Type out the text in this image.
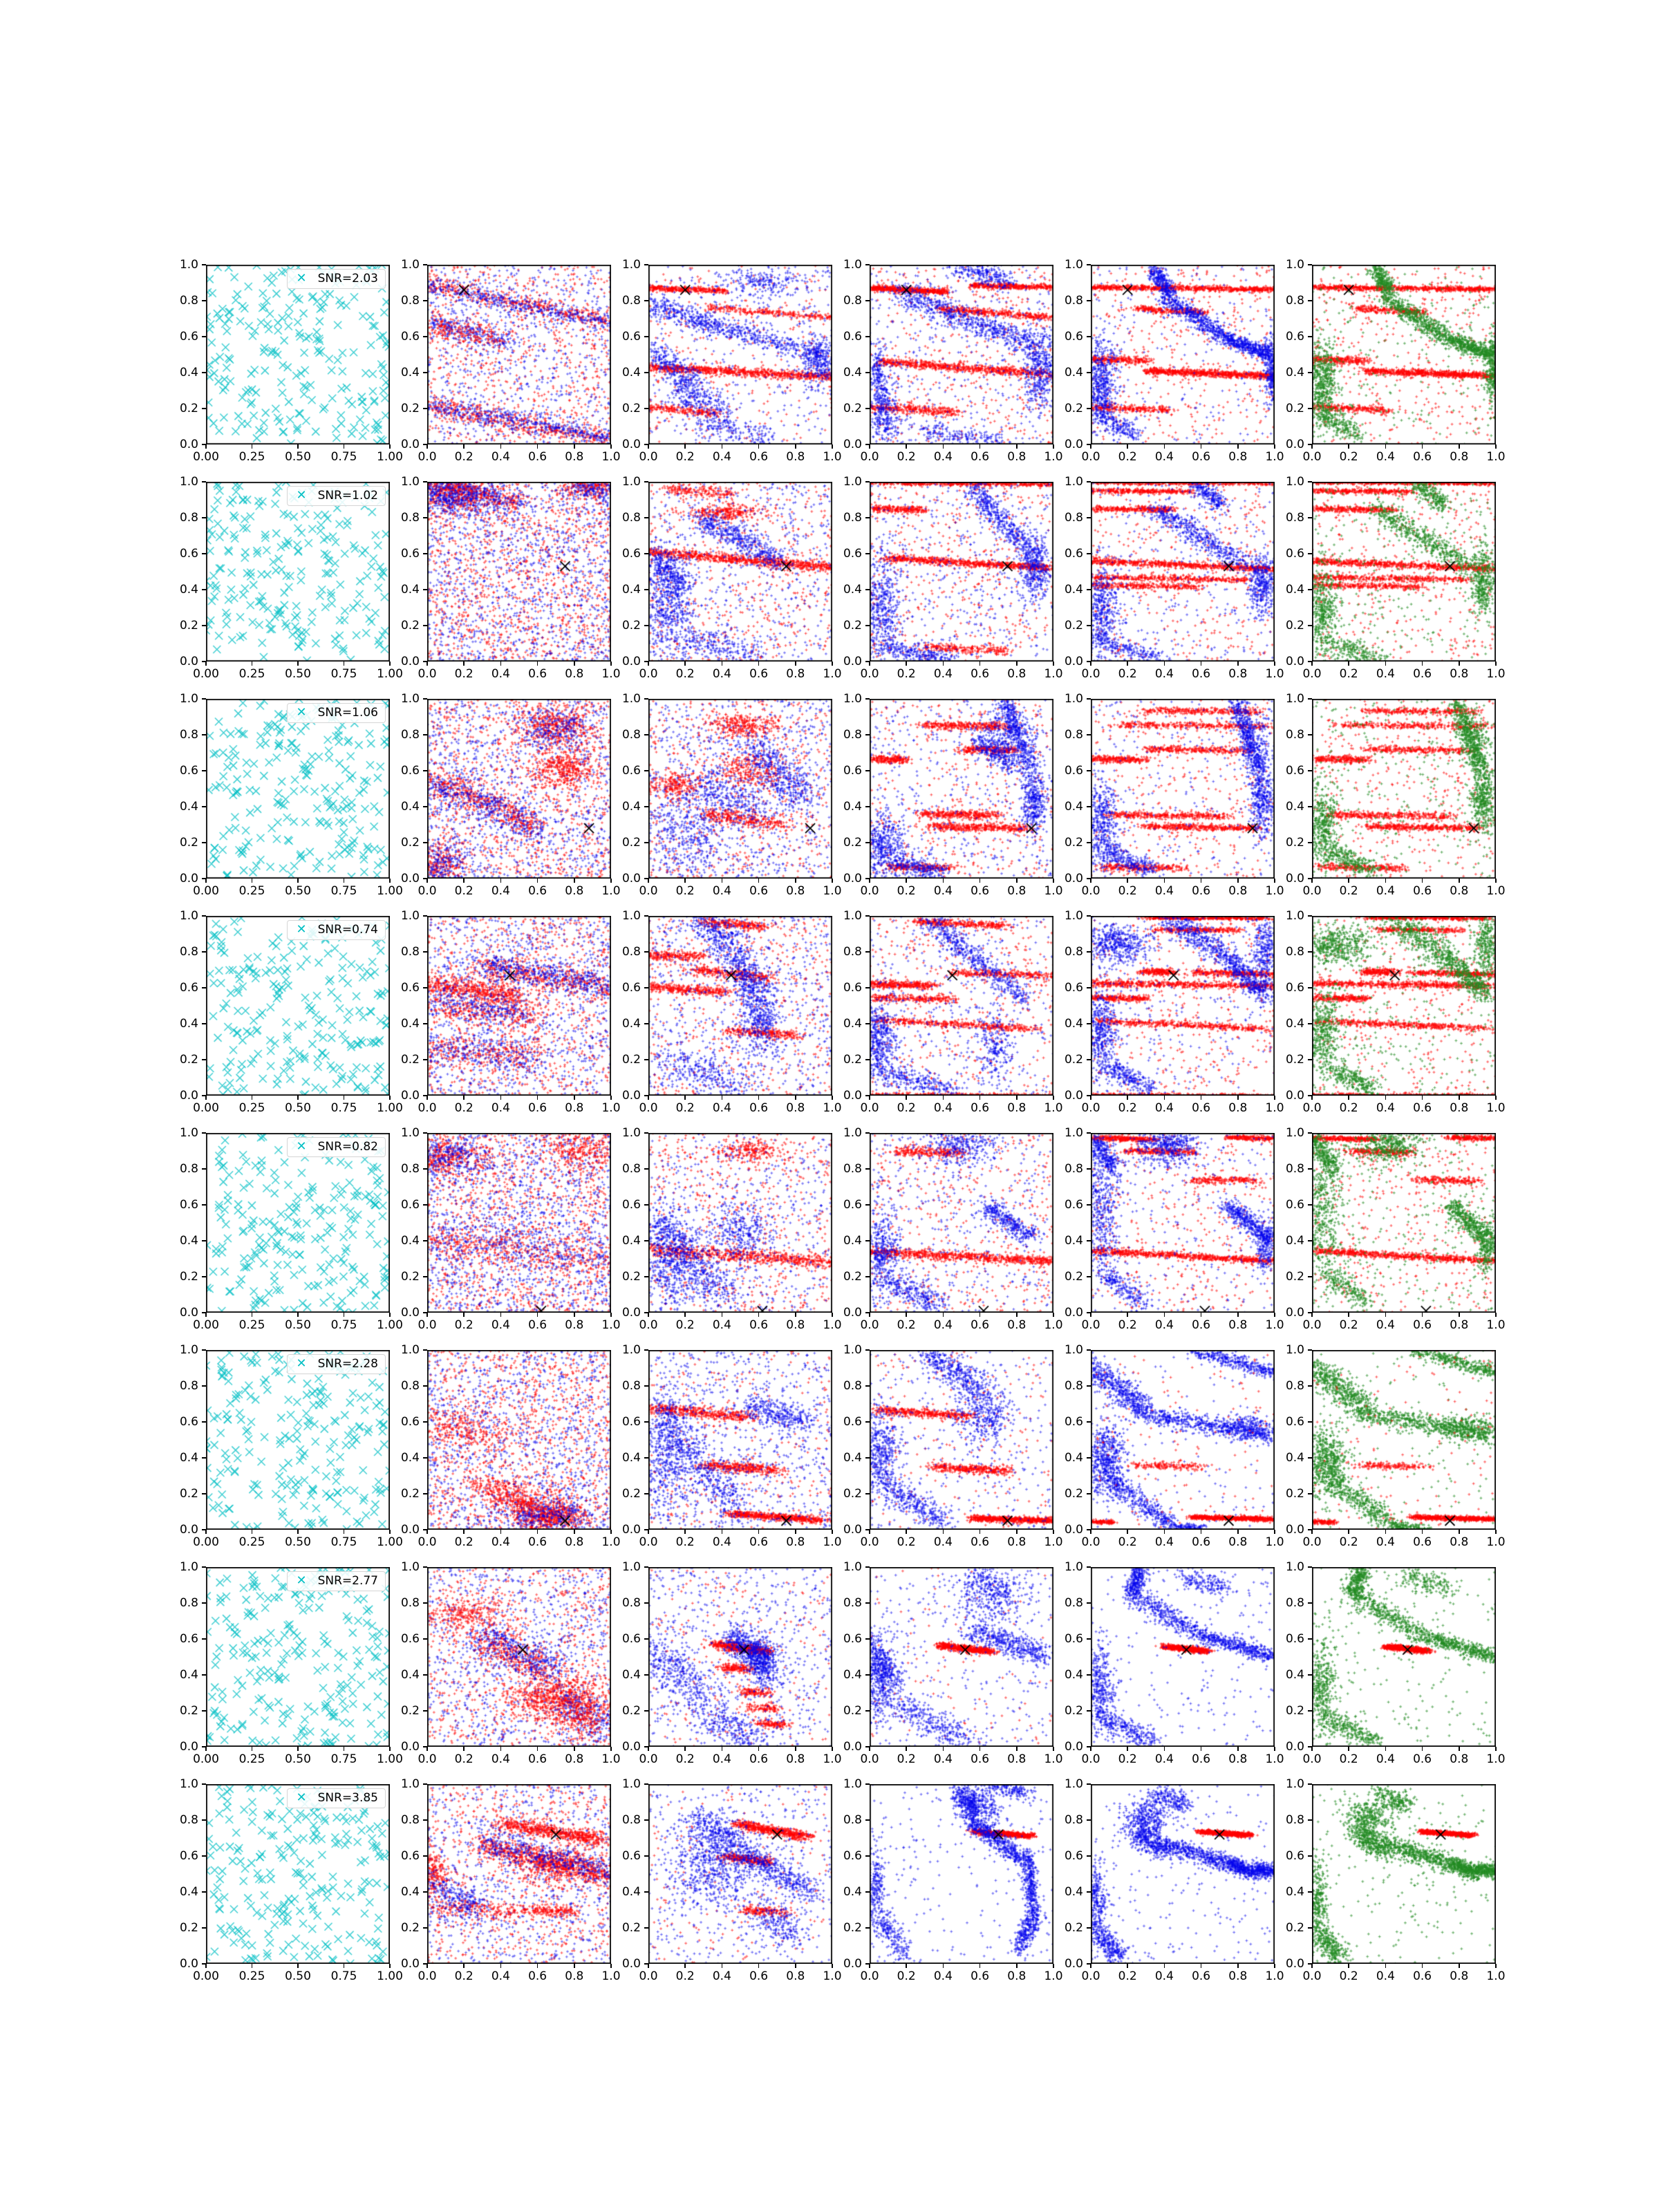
✕ SNR=2.03
0.00	0.25	0.50	0.75	1.00
0.0
0.2
0.4
0.6
0.8
1.0
0.0	0.2	0.4	0.6	0.8	1.0
0.0
0.2
0.4
0.6
0.8
1.0
0.0	0.2	0.4	0.6	0.8	1.0
0.0
0.2
0.4
0.6
0.8
1.0
0.0	0.2	0.4	0.6	0.8	1.0
0.0
0.2
0.4
0.6
0.8
1.0
0.0	0.2	0.4	0.6	0.8	1.0
0.0
0.2
0.4
0.6
0.8
1.0
0.0	0.2	0.4	0.6	0.8	1.0
0.0
0.2
0.4
0.6
0.8
1.0
✕ SNR=1.02
0.00	0.25	0.50	0.75	1.00
0.0
0.2
0.4
0.6
0.8
1.0
0.0	0.2	0.4	0.6	0.8	1.0
0.0
0.2
0.4
0.6
0.8
1.0
0.0	0.2	0.4	0.6	0.8	1.0
0.0
0.2
0.4
0.6
0.8
1.0
0.0	0.2	0.4	0.6	0.8	1.0
0.0
0.2
0.4
0.6
0.8
1.0
0.0	0.2	0.4	0.6	0.8	1.0
0.0
0.2
0.4
0.6
0.8
1.0
0.0	0.2	0.4	0.6	0.8	1.0
0.0
0.2
0.4
0.6
0.8
1.0
✕ SNR=1.06
0.00	0.25	0.50	0.75	1.00
0.0
0.2
0.4
0.6
0.8
1.0
0.0	0.2	0.4	0.6	0.8	1.0
0.0
0.2
0.4
0.6
0.8
1.0
0.0	0.2	0.4	0.6	0.8	1.0
0.0
0.2
0.4
0.6
0.8
1.0
0.0	0.2	0.4	0.6	0.8	1.0
0.0
0.2
0.4
0.6
0.8
1.0
0.0	0.2	0.4	0.6	0.8	1.0
0.0
0.2
0.4
0.6
0.8
1.0
0.0	0.2	0.4	0.6	0.8	1.0
0.0
0.2
0.4
0.6
0.8
1.0
✕ SNR=0.74
0.00	0.25	0.50	0.75	1.00
0.0
0.2
0.4
0.6
0.8
1.0
0.0	0.2	0.4	0.6	0.8	1.0
0.0
0.2
0.4
0.6
0.8
1.0
0.0	0.2	0.4	0.6	0.8	1.0
0.0
0.2
0.4
0.6
0.8
1.0
0.0	0.2	0.4	0.6	0.8	1.0
0.0
0.2
0.4
0.6
0.8
1.0
0.0	0.2	0.4	0.6	0.8	1.0
0.0
0.2
0.4
0.6
0.8
1.0
0.0	0.2	0.4	0.6	0.8	1.0
0.0
0.2
0.4
0.6
0.8
1.0
✕ SNR=0.82
0.00	0.25	0.50	0.75	1.00
0.0
0.2
0.4
0.6
0.8
1.0
0.0	0.2	0.4	0.6	0.8	1.0
0.0
0.2
0.4
0.6
0.8
1.0
0.0	0.2	0.4	0.6	0.8	1.0
0.0
0.2
0.4
0.6
0.8
1.0
0.0	0.2	0.4	0.6	0.8	1.0
0.0
0.2
0.4
0.6
0.8
1.0
0.0	0.2	0.4	0.6	0.8	1.0
0.0
0.2
0.4
0.6
0.8
1.0
0.0	0.2	0.4	0.6	0.8	1.0
0.0
0.2
0.4
0.6
0.8
1.0
✕ SNR=2.28
0.00	0.25	0.50	0.75	1.00
0.0
0.2
0.4
0.6
0.8
1.0
0.0	0.2	0.4	0.6	0.8	1.0
0.0
0.2
0.4
0.6
0.8
1.0
0.0	0.2	0.4	0.6	0.8	1.0
0.0
0.2
0.4
0.6
0.8
1.0
0.0	0.2	0.4	0.6	0.8	1.0
0.0
0.2
0.4
0.6
0.8
1.0
0.0	0.2	0.4	0.6	0.8	1.0
0.0
0.2
0.4
0.6
0.8
1.0
0.0	0.2	0.4	0.6	0.8	1.0
0.0
0.2
0.4
0.6
0.8
1.0
✕ SNR=2.77
0.00	0.25	0.50	0.75	1.00
0.0
0.2
0.4
0.6
0.8
1.0
0.0	0.2	0.4	0.6	0.8	1.0
0.0
0.2
0.4
0.6
0.8
1.0
0.0	0.2	0.4	0.6	0.8	1.0
0.0
0.2
0.4
0.6
0.8
1.0
0.0	0.2	0.4	0.6	0.8	1.0
0.0
0.2
0.4
0.6
0.8
1.0
0.0	0.2	0.4	0.6	0.8	1.0
0.0
0.2
0.4
0.6
0.8
1.0
0.0	0.2	0.4	0.6	0.8	1.0
0.0
0.2
0.4
0.6
0.8
1.0
✕ SNR=3.85
0.00	0.25	0.50	0.75	1.00
0.0
0.2
0.4
0.6
0.8
1.0
0.0	0.2	0.4	0.6	0.8	1.0
0.0
0.2
0.4
0.6
0.8
1.0
0.0	0.2	0.4	0.6	0.8	1.0
0.0
0.2
0.4
0.6
0.8
1.0
0.0	0.2	0.4	0.6	0.8	1.0
0.0
0.2
0.4
0.6
0.8
1.0
0.0	0.2	0.4	0.6	0.8	1.0
0.0
0.2
0.4
0.6
0.8
1.0
0.0	0.2	0.4	0.6	0.8	1.0
0.0
0.2
0.4
0.6
0.8
1.0
